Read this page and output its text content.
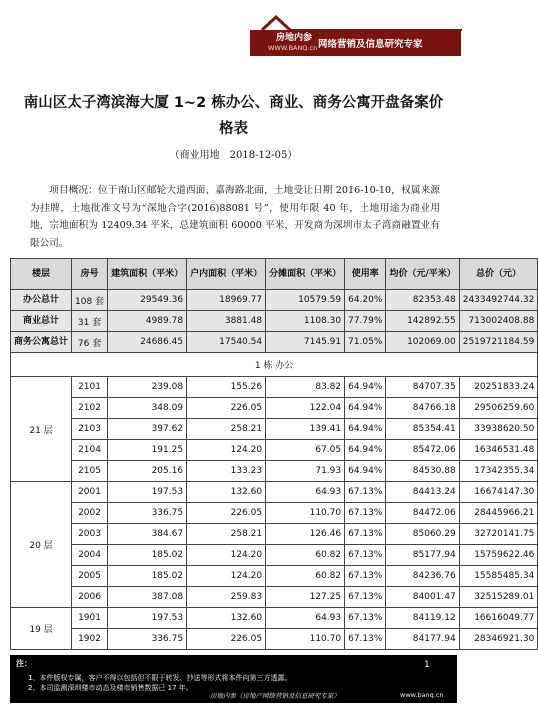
房地内参
WWW.BANQ.cn 网络营销及信息研究专家
南山区太子湾滨海大厦 1~2 栋办公、商业、商务公寓开盘备案价格表
（商业用地　2018-12-05）
项目概况：位于南山区邮轮大道西面、嘉海路北面，土地受让日期 2016-10-10，权属来源为挂牌，土地批准文号为“深地合字(2016)88081 号”，使用年限 40 年，土地用途为商业用地，宗地面积为 12409.34 平米，总建筑面积 60000 平米，开发商为深圳市太子湾商融置业有限公司。
楼层	房号	建筑面积（平米）	户内面积（平米）	分摊面积（平米）	使用率	均价（元/平米）	总价（元）
办公总计	108 套	29549.36	18969.77	10579.59	64.20%	82353.48	2433492744.32
商业总计	31 套	4989.78	3881.48	1108.30	77.79%	142892.55	713002408.88
商务公寓总计	76 套	24686.45	17540.54	7145.91	71.05%	102069.00	2519721184.59
1 栋 办公							
21 层	2101	239.08	155.26	83.82	64.94%	84707.35	20251833.24
	2102	348.09	226.05	122.04	64.94%	84766.18	29506259.60
	2103	397.62	258.21	139.41	64.94%	85354.41	33938620.50
	2104	191.25	124.20	67.05	64.94%	85472.06	16346531.48
	2105	205.16	133.23	71.93	64.94%	84530.88	17342355.34
20 层	2001	197.53	132.60	64.93	67.13%	84413.24	16674147.30
	2002	336.75	226.05	110.70	67.13%	84472.06	28445966.21
	2003	384.67	258.21	126.46	67.13%	85060.29	32720141.75
	2004	185.02	124.20	60.82	67.13%	85177.94	15759622.46
	2005	185.02	124.20	60.82	67.13%	84236.76	15585485.34
	2006	387.08	259.83	127.25	67.13%	84001.47	32515289.01
19 层	1901	197.53	132.60	64.93	67.13%	84119.12	16616049.77
	1902	336.75	226.05	110.70	67.13%	84177.94	28346921.30
注：
1、本件版权专属，客户不得以包括但不限于转发、抄送等形式将本件向第三方透露。
2、本司监测深圳楼市动态及楼市销售数据已 17 年。
房地内参（房地产网络营销及信息研究专家）	www.banq.cn
1
